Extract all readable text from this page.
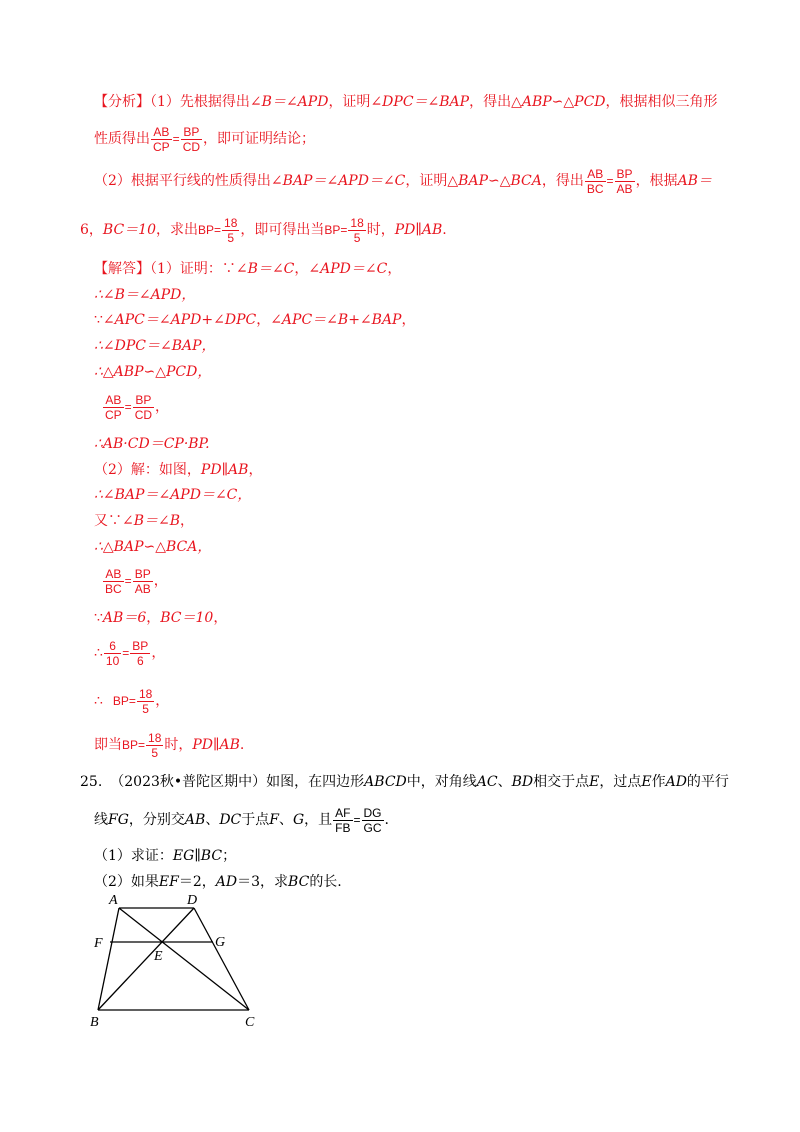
【分析】（1）先根据得出∠B＝∠APD，证明∠DPC＝∠BAP，得出△ABP∽△PCD，根据相似三角形
性质得出 $\frac{AB}{CP} = \frac{BP}{CD}$ ，即可证明结论；
（2）根据平行线的性质得出∠BAP＝∠APD＝∠C，证明△BAP∽△BCA，得出 $\frac{AB}{BC} = \frac{BP}{AB}$ ，根据AB＝
6，BC＝10，求出$BP= \frac{18}{5}$ ，即可得出当$BP= \frac{18}{5}$ 时，PD∥AB.
【解答】（1）证明：∵∠B＝∠C，∠APD＝∠C，
∴∠B＝∠APD，
∵∠APC＝∠APD+∠DPC，∠APC＝∠B+∠BAP，
∴∠DPC＝∠BAP，
∴△ABP∽△PCD，
$\frac{AB}{CP} = \frac{BP}{CD}$ ，
∴AB·CD＝CP·BP.
（2）解：如图，PD∥AB，
∴∠BAP＝∠APD＝∠C，
又∵∠B＝∠B，
∴△BAP∽△BCA，
$\frac{AB}{BC} = \frac{BP}{AB}$ ，
∵AB＝6，BC＝10，
∴ $\frac{6}{10} = \frac{BP}{6}$ ，
∴ $BP= \frac{18}{5}$ ，
即当$BP= \frac{18}{5}$ 时，PD∥AB.
25. （2023秋•普陀区期中）如图，在四边形ABCD中，对角线AC、BD相交于点E，过点E作AD的平行
线FG，分别交AB、DC于点F、G，且 $\frac{AF}{FB} = \frac{DG}{GC}$ .
（1）求证：EG∥BC；
（2）如果EF＝2，AD＝3，求BC的长.
A	D
F	G
E
B	C
